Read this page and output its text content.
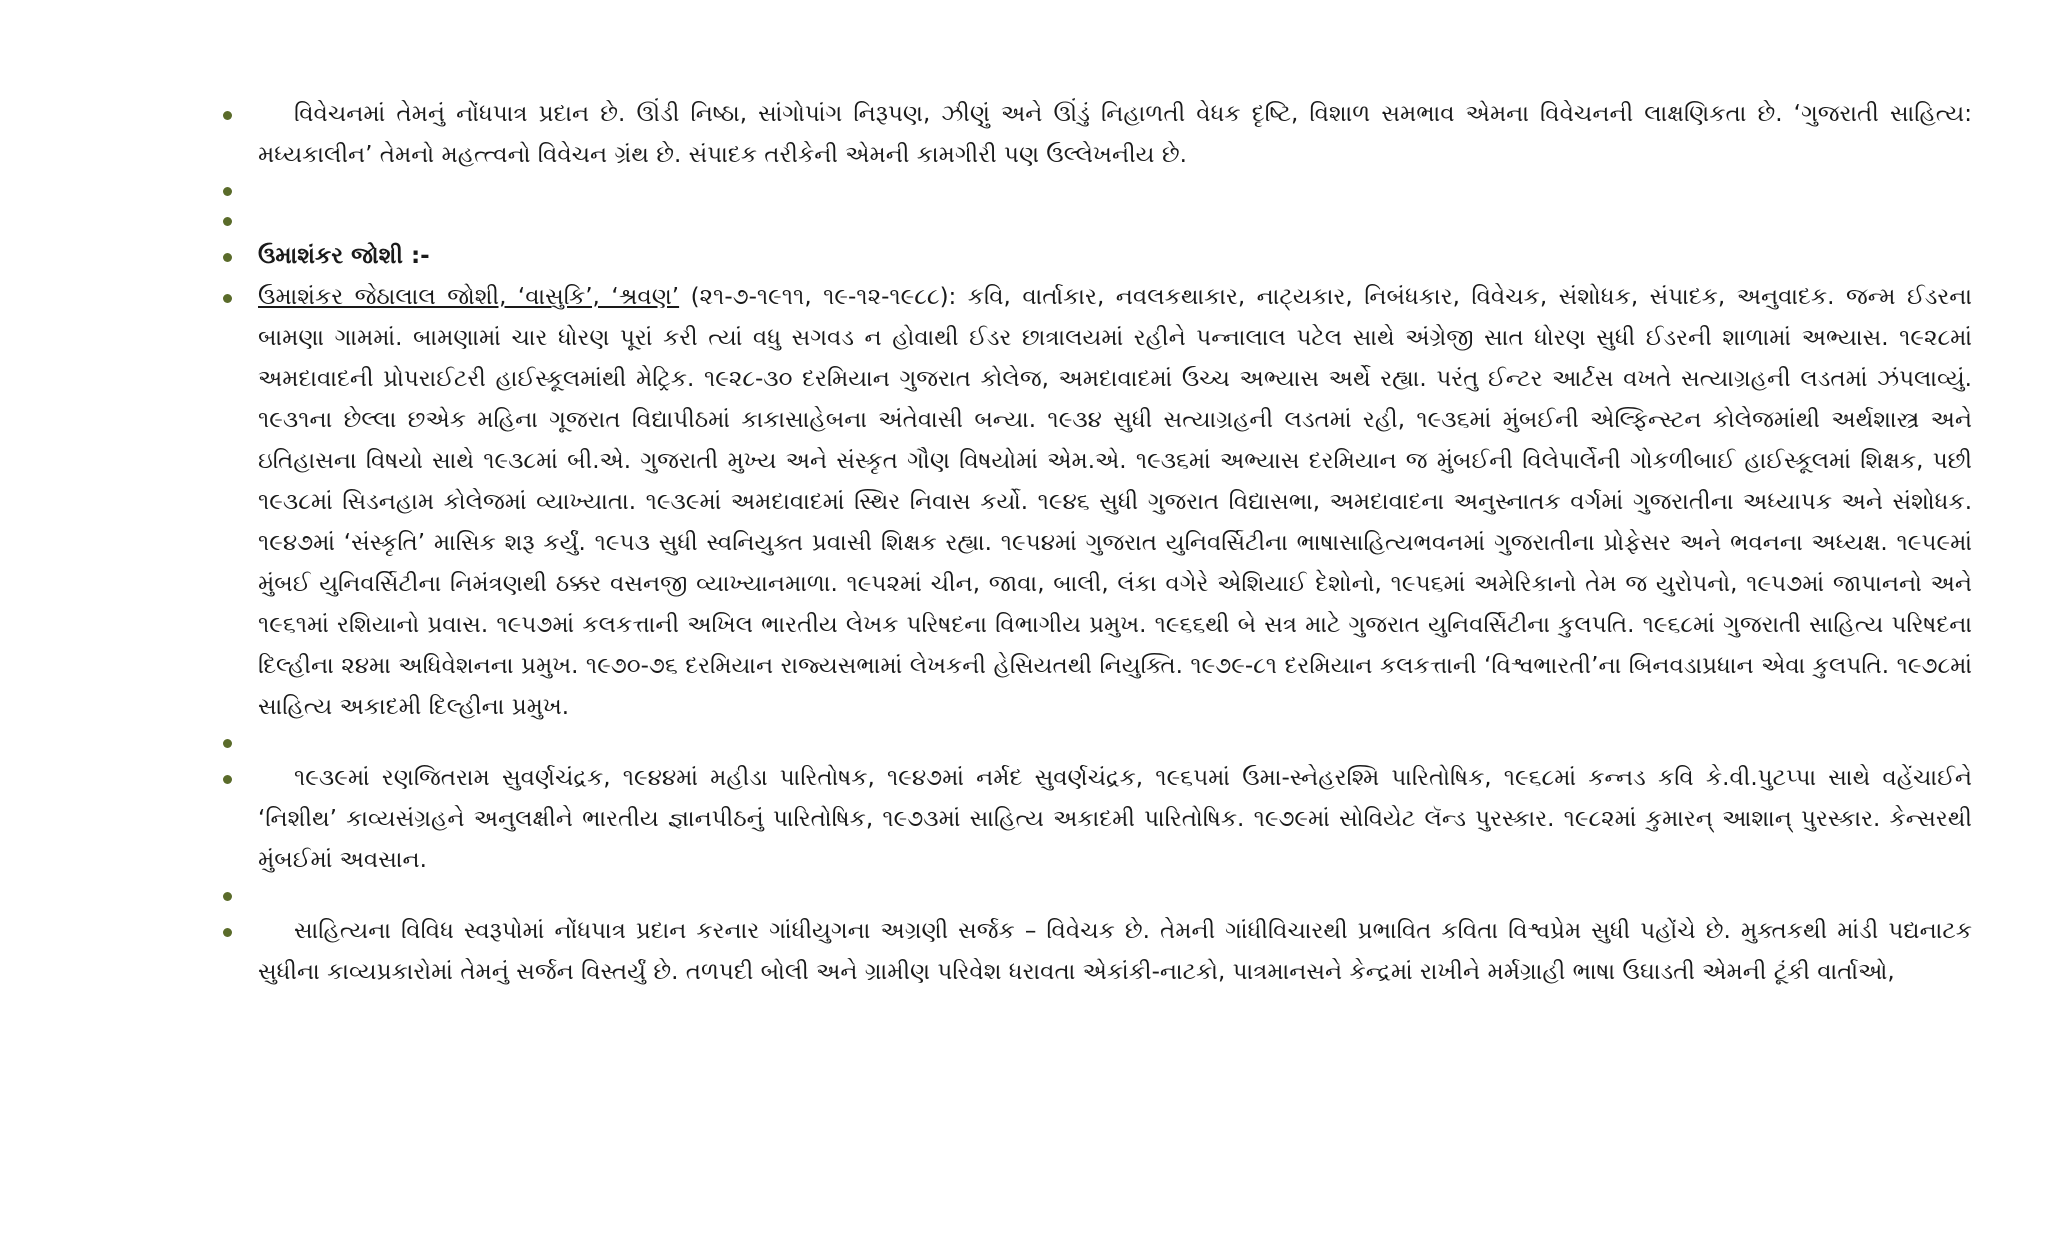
વિવેચનમાં તેમનું નોંધપાત્ર પ્રદાન છે. ઊંડી નિષ્ઠા, સાંગોપાંગ નિરૂપણ, ઝીણું અને ઊંડું નિહાળતી વેધક દૃષ્ટિ, વિશાળ સમભાવ એમના વિવેચનની લાક્ષણિકતા છે. ‘ગુજરાતી સાહિત્ય: મધ્યકાલીન’ તેમનો મહત્ત્વનો વિવેચન ગ્રંથ છે. સંપાદક તરીકેની એમની કામગીરી પણ ઉલ્લેખનીય છે.
ઉમાશંકર જોશી :-
ઉમાશંકર જેઠાલાલ જોશી, ‘વાસુકિ’, ‘શ્રવણ’ (૨૧-૭-૧૯૧૧, ૧૯-૧૨-૧૯૮૮): કવિ, વાર્તાકાર, નવલકથાકાર, નાટ્યકાર, નિબંધકાર, વિવેચક, સંશોધક, સંપાદક, અનુવાદક. જન્મ ઈડરના બામણા ગામમાં. બામણામાં ચાર ધોરણ પૂરાં કરી ત્યાં વધુ સગવડ ન હોવાથી ઈડર છાત્રાલયમાં રહીને પન્નાલાલ પટેલ સાથે અંગ્રેજી સાત ધોરણ સુધી ઈડરની શાળામાં અભ્યાસ. ૧૯૨૮માં અમદાવાદની પ્રોપરાઈટરી હાઈસ્કૂલમાંથી મેટ્રિક. ૧૯૨૮-૩૦ દરમિયાન ગુજરાત કોલેજ, અમદાવાદમાં ઉચ્ચ અભ્યાસ અર્થે રહ્યા. પરંતુ ઈન્ટર આર્ટસ વખતે સત્યાગ્રહની લડતમાં ઝંપલાવ્યું. ૧૯૩૧ના છેલ્લા છએક મહિના ગૂજરાત વિદ્યાપીઠમાં કાકાસાહેબના અંતેવાસી બન્યા. ૧૯૩૪ સુધી સત્યાગ્રહની લડતમાં રહી, ૧૯૩૬માં મુંબઈની એલ્ફિન્સ્ટન કોલેજમાંથી અર્થશાસ્ત્ર અને ઇતિહાસના વિષયો સાથે ૧૯૩૮માં બી.એ. ગુજરાતી મુખ્ય અને સંસ્કૃત ગૌણ વિષયોમાં એમ.એ. ૧૯૩૬માં અભ્યાસ દરમિયાન જ મુંબઈની વિલેપાર્લેની ગોકળીબાઈ હાઈસ્કૂલમાં શિક્ષક, પછી ૧૯૩૮માં સિડનહામ કોલેજમાં વ્યાખ્યાતા. ૧૯૩૯માં અમદાવાદમાં સ્થિર નિવાસ કર્યો. ૧૯૪૬ સુધી ગુજરાત વિદ્યાસભા, અમદાવાદના અનુસ્નાતક વર્ગમાં ગુજરાતીના અધ્યાપક અને સંશોધક. ૧૯૪૭માં ‘સંસ્કૃતિ’ માસિક શરૂ કર્યું. ૧૯૫૩ સુધી સ્વનિયુક્ત પ્રવાસી શિક્ષક રહ્યા. ૧૯૫૪માં ગુજરાત યુનિવર્સિટીના ભાષાસાહિત્યભવનમાં ગુજરાતીના પ્રોફેસર અને ભવનના અધ્યક્ષ. ૧૯૫૯માં મુંબઈ યુનિવર્સિટીના નિમંત્રણથી ઠક્કર વસનજી વ્યાખ્યાનમાળા. ૧૯૫૨માં ચીન, જાવા, બાલી, લંકા વગેરે એશિયાઈ દેશોનો, ૧૯૫૬માં અમેરિકાનો તેમ જ યુરોપનો, ૧૯૫૭માં જાપાનનો અને ૧૯૬૧માં રશિયાનો પ્રવાસ. ૧૯૫૭માં કલકત્તાની અખિલ ભારતીય લેખક પરિષદના વિભાગીય પ્રમુખ. ૧૯૬૬થી બે સત્ર માટે ગુજરાત યુનિવર્સિટીના કુલપતિ. ૧૯૬૮માં ગુજરાતી સાહિત્ય પરિષદના દિલ્હીના ૨૪મા અધિવેશનના પ્રમુખ. ૧૯૭૦-૭૬ દરમિયાન રાજ્યસભામાં લેખકની હેસિયતથી નિયુક્તિ. ૧૯૭૯-૮૧ દરમિયાન કલકત્તાની ‘વિશ્વભારતી’ના બિનવડાપ્રધાન એવા કુલપતિ. ૧૯૭૮માં સાહિત્ય અકાદમી દિલ્હીના પ્રમુખ.
૧૯૩૯માં રણજિતરામ સુવર્ણચંદ્રક, ૧૯૪૪માં મહીડા પારિતોષક, ૧૯૪૭માં નર્મદ સુવર્ણચંદ્રક, ૧૯૬૫માં ઉમા-સ્નેહરશ્મિ પારિતોષિક, ૧૯૬૮માં કન્નડ કવિ કે.વી.પુટપ્પા સાથે વહેંચાઈને ‘નિશીથ’ કાવ્યસંગ્રહને અનુલક્ષીને ભારતીય જ્ઞાનપીઠનું પારિતોષિક, ૧૯૭૩માં સાહિત્ય અકાદમી પારિતોષિક. ૧૯૭૯માં સોવિયેટ લૅન્ડ પુરસ્કાર. ૧૯૮૨માં કુમારન્ આશાન્ પુરસ્કાર. કેન્સરથી મુંબઈમાં અવસાન.
સાહિત્યના વિવિધ સ્વરૂપોમાં નોંધપાત્ર પ્રદાન કરનાર ગાંધીયુગના અગ્રણી સર્જક – વિવેચક છે. તેમની ગાંધીવિચારથી પ્રભાવિત કવિતા વિશ્વપ્રેમ સુધી પહોંચે છે. મુક્તકથી માંડી પદ્યનાટક સુધીના કાવ્યપ્રકારોમાં તેમનું સર્જન વિસ્તર્યું છે. તળપદી બોલી અને ગ્રામીણ પરિવેશ ધરાવતા એકાંકી-નાટકો, પાત્રમાનસને કેન્દ્રમાં રાખીને મર્મગ્રાહી ભાષા ઉઘાડતી એમની ટૂંકી વાર્તાઓ,
